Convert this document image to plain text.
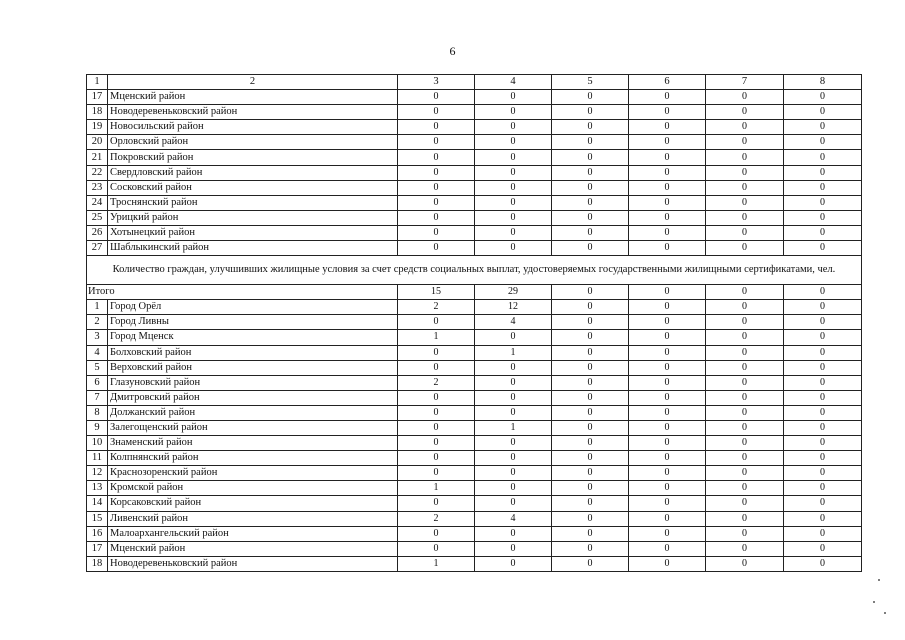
6
1	2	3	4	5	6	7	8
17	Мценский район	0	0	0	0	0	0
18	Новодеревеньковский район	0	0	0	0	0	0
19	Новосильский район	0	0	0	0	0	0
20	Орловский район	0	0	0	0	0	0
21	Покровский район	0	0	0	0	0	0
22	Свердловский район	0	0	0	0	0	0
23	Сосковский район	0	0	0	0	0	0
24	Троснянский район	0	0	0	0	0	0
25	Урицкий район	0	0	0	0	0	0
26	Хотынецкий район	0	0	0	0	0	0
27	Шаблыкинский район	0	0	0	0	0	0
Количество граждан, улучшивших жилищные условия за счет средств социальных выплат, удостоверяемых государственными жилищными сертификатами, чел.							
Итого		15	29	0	0	0	0
1	Город Орёл	2	12	0	0	0	0
2	Город Ливны	0	4	0	0	0	0
3	Город Мценск	1	0	0	0	0	0
4	Болховский район	0	1	0	0	0	0
5	Верховский район	0	0	0	0	0	0
6	Глазуновский район	2	0	0	0	0	0
7	Дмитровский район	0	0	0	0	0	0
8	Должанский район	0	0	0	0	0	0
9	Залегощенский район	0	1	0	0	0	0
10	Знаменский район	0	0	0	0	0	0
11	Колпнянский район	0	0	0	0	0	0
12	Краснозоренский район	0	0	0	0	0	0
13	Кромской район	1	0	0	0	0	0
14	Корсаковский район	0	0	0	0	0	0
15	Ливенский район	2	4	0	0	0	0
16	Малоархангельский район	0	0	0	0	0	0
17	Мценский район	0	0	0	0	0	0
18	Новодеревеньковский район	1	0	0	0	0	0
